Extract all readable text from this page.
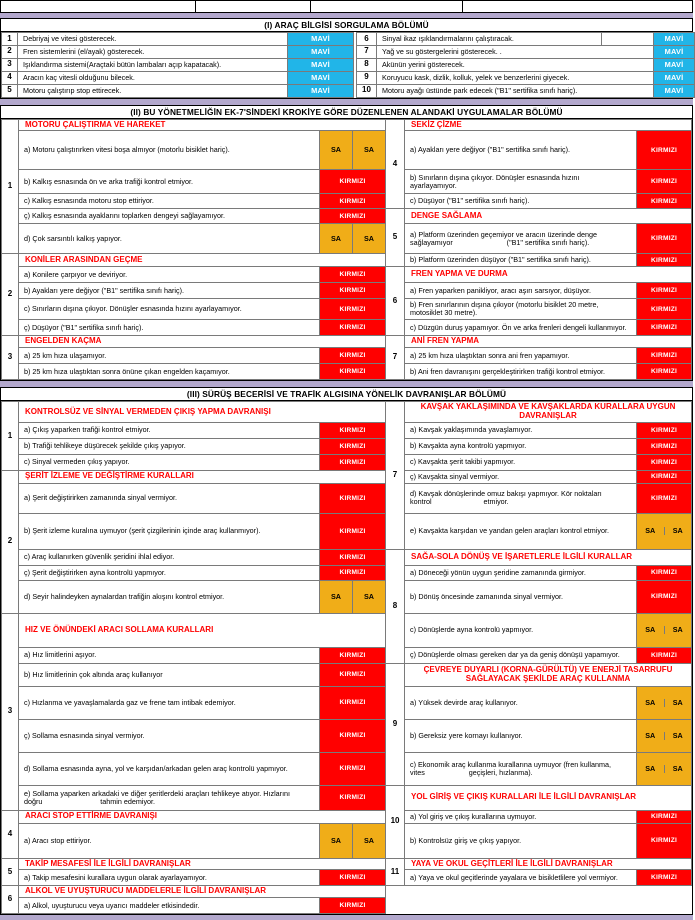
(I) ARAÇ BİLGİSİ SORGULAMA BÖLÜMÜ
1	Debriyaj ve vitesi gösterecek.	MAVİ		6	Sinyal ikaz ışıklandırmalarını çalıştıracak.		MAVİ
2	Fren sistemlerini (el/ayak) gösterecek.	MAVİ		7	Yağ ve su göstergelerini gösterecek. .		MAVİ
3	Işıklandırma sistemi(Araçtaki bütün lambaları açıp kapatacak).	MAVİ		8	Akünün yerini gösterecek.		MAVİ
4	Aracın kaç vitesli olduğunu bilecek.	MAVİ		9	Koruyucu kask, dizlik, kolluk, yelek ve benzerlerini giyecek.		MAVİ
5	Motoru çalıştırıp stop ettirecek.	MAVİ		10	Motoru ayağı üstünde park edecek ("B1" sertifika sınıfı hariç).		MAVİ
(II) BU YÖNETMELİĞİN EK-7'SİNDEKİ KROKİYE GÖRE DÜZENLENEN ALANDAKİ UYGULAMALAR BÖLÜMÜ
1	MOTORU ÇALIŞTIRMA VE HAREKET			4	SEKİZ ÇİZME	
	a) Motoru çalıştırırken vitesi boşa almıyor (motorlu bisiklet hariç).	SA	SA		a) Ayakları yere değiyor ("B1" sertifika sınıfı hariç).	KIRMIZI
	b) Kalkış esnasında ön ve arka trafiği kontrol etmiyor.	KIRMIZI			b) Sınırların dışına çıkıyor. Dönüşler esnasında hızını               ayarlayamıyor.	KIRMIZI
	c) Kalkış esnasında motoru stop ettiriyor.	KIRMIZI			c) Düşüyor ("B1" sertifika sınıfı hariç).	KIRMIZI
	ç) Kalkış esnasında ayaklarını toplarken dengeyi sağlayamıyor.	KIRMIZI		5	DENGE SAĞLAMA	
	d) Çok sarsıntılı kalkış yapıyor.	SA	SA		a) Platform üzerinden geçemiyor ve aracın üzerinde denge                   sağlayamıyor                           ("B1" sertifika sınıfı hariç).	KIRMIZI
2	KONİLER ARASINDAN GEÇME				b) Platform üzerinden düşüyor ("B1" sertifika sınıfı hariç).	KIRMIZI
	a) Konilere çarpıyor ve deviriyor.	KIRMIZI		6	FREN YAPMA VE DURMA	
	b) Ayakları yere değiyor ("B1" sertifika sınıfı hariç).	KIRMIZI			a) Fren yaparken panikliyor, aracı aşırı sarsıyor, düşüyor.	KIRMIZI
	c) Sınırların dışına çıkıyor. Dönüşler esnasında hızını ayarlayamıyor.	KIRMIZI			b) Fren sınırlarının dışına çıkıyor (motorlu bisiklet 20 metre,              motosiklet 30 metre).	KIRMIZI
	ç) Düşüyor ("B1" sertifika sınıfı hariç).	KIRMIZI			c) Düzgün duruş yapamıyor. Ön ve arka frenleri dengeli kullanmıyor.	KIRMIZI
3	ENGELDEN KAÇMA			7	ANİ FREN YAPMA	
	a) 25 km hıza ulaşamıyor.	KIRMIZI			a) 25 km hıza ulaştıktan sonra ani fren yapamıyor.	KIRMIZI
	b) 25 km hıza ulaştıktan sonra önüne çıkan engelden kaçamıyor.	KIRMIZI			b) Ani fren davranışını gerçekleştirirken trafiği kontrol etmiyor.	KIRMIZI
(III) SÜRÜŞ BECERİSİ VE TRAFİK ALGISINA YÖNELİK DAVRANIŞLAR BÖLÜMÜ
1	KONTROLSÜZ VE SİNYAL VERMEDEN ÇIKIŞ YAPMA DAVRANIŞI			7	KAVŞAK YAKLAŞIMINDA VE KAVŞAKLARDA KURALLARA UYGUN DAVRANIŞLAR	
	a) Çıkış yaparken trafiği kontrol etmiyor.	KIRMIZI			a) Kavşak yaklaşımında yavaşlamıyor.	KIRMIZI
	b) Trafiği tehlikeye düşürecek şekilde çıkış yapıyor.	KIRMIZI			b) Kavşakta ayna kontrolü yapmıyor.	KIRMIZI
	c) Sinyal vermeden çıkış yapıyor.	KIRMIZI			c) Kavşakta şerit takibi yapmıyor.	KIRMIZI
2	ŞERİT İZLEME VE DEĞİŞTİRME KURALLARI				ç) Kavşakta sinyal vermiyor.	KIRMIZI
	a) Şerit değiştirirken zamanında sinyal vermiyor.	KIRMIZI			d) Kavşak dönüşlerinde omuz bakışı yapmıyor. Kör noktaları kontrol                          etmiyor.	KIRMIZI
	b) Şerit izleme kuralına uymuyor (şerit çizgilerinin içinde araç kullanmıyor).	KIRMIZI			e) Kavşakta karşıdan ve yandan gelen araçları kontrol etmiyor.	SA SA

	c) Araç kullanırken güvenlik şeridini ihlal ediyor.	KIRMIZI		8	SAĞA-SOLA DÖNÜŞ VE İŞARETLERLE İLGİLİ KURALLAR	
	ç) Şerit değiştirirken ayna kontrolü yapmıyor.	KIRMIZI			a) Döneceği yönün uygun şeridine zamanında girmiyor.	KIRMIZI
	d) Seyir halindeyken aynalardan trafiğin akışını kontrol etmiyor.	SA	SA		b) Dönüş öncesinde zamanında sinyal vermiyor.	KIRMIZI
3	HIZ VE ÖNÜNDEKİ ARACI SOLLAMA KURALLARI				c) Dönüşlerde ayna kontrolü yapmıyor.	SA SA

	a) Hız limitlerini aşıyor.	KIRMIZI			ç) Dönüşlerde olması gereken dar ya da geniş dönüşü yapamıyor.	KIRMIZI
	b) Hız limitlerinin çok altında araç kullanıyor	KIRMIZI		9	ÇEVREYE DUYARLI (KORNA-GÜRÜLTÜ) VE ENERJİ TASARRUFU SAĞLAYACAK ŞEKİLDE ARAÇ KULLANMA	
	c) Hızlanma ve yavaşlamalarda gaz ve frene tam intibak edemiyor.	KIRMIZI			a) Yüksek devirde araç kullanıyor.	SA SA

	ç) Sollama esnasında sinyal vermiyor.	KIRMIZI			b) Gereksiz yere kornayı kullanıyor.	SA SA

	d) Sollama esnasında ayna, yol ve karşıdan/arkadan gelen araç kontrolü yapmıyor.	KIRMIZI			c) Ekonomik araç kullanma kurallarına uymuyor (fren kullanma, vites                      geçişleri, hızlanma).	SA SA

	e) Sollama yaparken arkadaki ve diğer şeritlerdeki araçları tehlikeye atıyor. Hızlarını doğru                             tahmin edemiyor.	KIRMIZI		10	YOL GİRİŞ VE ÇIKIŞ KURALLARI İLE İLGİLİ DAVRANIŞLAR	
4	ARACI STOP ETTİRME DAVRANIŞI				a) Yol giriş ve çıkış kurallarına uymuyor.	KIRMIZI
	a) Aracı stop ettiriyor.	SA	SA		b) Kontrolsüz giriş ve çıkış yapıyor.	KIRMIZI
5	TAKİP MESAFESİ İLE İLGİLİ DAVRANIŞLAR			11	YAYA VE OKUL GEÇİTLERİ İLE İLGİLİ DAVRANIŞLAR	
	a) Takip mesafesini kurallara uygun olarak ayarlayamıyor.	KIRMIZI			a) Yaya ve okul geçitlerinde yayalara ve bisikletlilere yol vermiyor.	KIRMIZI
6	ALKOL VE UYUŞTURUCU MADDELERLE İLGİLİ DAVRANIŞLAR					
	a) Alkol, uyuşturucu veya uyarıcı maddeler etkisindedir.	KIRMIZI				
